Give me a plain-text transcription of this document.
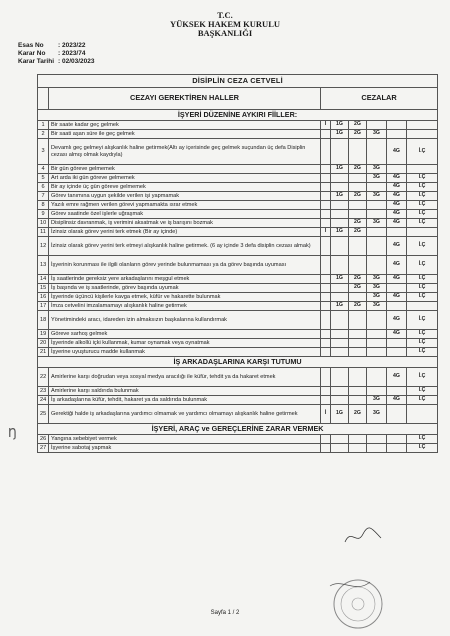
T.C.
YÜKSEK HAKEM KURULU
BAŞKANLIĞI
Esas No : 2023/22
Karar No : 2023/74
Karar Tarihi : 02/03/2023
DİSİPLİN CEZA CETVELİ							
	CEZAYI GEREKTİREN HALLER	CEZALAR					
İŞYERİ DÜZENİNE AYKIRI FİİLLER:							
1	Bir saate kadar geç gelmek	İ	1G	2G			
2	Bir saati aşan süre ile geç gelmek		1G	2G	3G		
3	Devamlı geç gelmeyi alışkanlık haline getirmek(Altı ay içerisinde geç gelmek suçundan üç defa Disiplin cezası almış olmak kaydıyla)					4G	İ.Ç
4	Bir gün göreve gelmemek		1G	2G	3G		
5	Art arda iki gün göreve gelmemek				3G	4G	İ.Ç
6	Bir ay içinde üç gün göreve gelmemek					4G	İ.Ç
7	Görev tanımına uygun şekilde verilen işi yapmamak		1G	2G	3G	4G	İ.Ç
8	Yazılı emre rağmen verilen görevi yapmamakta ısrar etmek					4G	İ.Ç
9	Görev saatinde özel işlerle uğraşmak					4G	İ.Ç
10	Disiplinsiz davranmak, iş verimini aksatmak ve iş barışını bozmak			2G	3G	4G	İ.Ç
11	İzinsiz olarak görev yerini terk etmek (Bir ay içinde)	İ	1G	2G			
12	İzinsiz olarak görev yerini terk etmeyi alışkanlık haline getirmek. (6 ay içinde 3 defa disiplin cezası almak)					4G	İ.Ç
13	İşyerinin korunması ile ilgili olanların görev yerinde bulunmaması ya da görev başında uyuması					4G	İ.Ç
14	İş saatlerinde gereksiz yere arkadaşlarını meşgul etmek		1G	2G	3G	4G	İ.Ç
15	İş başında ve iş saatlerinde, görev başında uyumak			2G	3G		İ.Ç
16	İşyerinde üçüncü kişilerle kavga etmek, küfür ve hakarette bulunmak				3G	4G	İ.Ç
17	İmza cetvelini imzalamamayı alışkanlık haline getirmek		1G	2G	3G		
18	Yönetimindeki aracı, idareden izin almaksızın başkalarına kullandırmak					4G	İ.Ç
19	Göreve sarhoş gelmek					4G	İ.Ç
20	İşyerinde alkollü içki kullanmak, kumar oynamak veya oynatmak						İ.Ç
21	İşyerine uyuşturucu madde kullanmak						İ.Ç
İŞ ARKADAŞLARINA KARŞI TUTUMU							
22	Amirlerine karşı doğrudan veya sosyal medya aracılığı ile küfür, tehdit ya da hakaret etmek					4G	İ.Ç
23	Amirlerine karşı saldırıda bulunmak						İ.Ç
24	İş arkadaşlarına küfür, tehdit, hakaret ya da saldırıda bulunmak				3G	4G	İ.Ç
25	Gerektiği halde iş arkadaşlarına yardımcı olmamak ve yardımcı olmamayı alışkanlık haline getirmek	İ	1G	2G	3G		
İŞYERİ, ARAÇ ve GEREÇLERİNE ZARAR VERMEK							
26	Yangına sebebiyet vermek						İ.Ç
27	İşyerine sabotaj yapmak						İ.Ç
Ŋ
Sayfa 1 / 2
